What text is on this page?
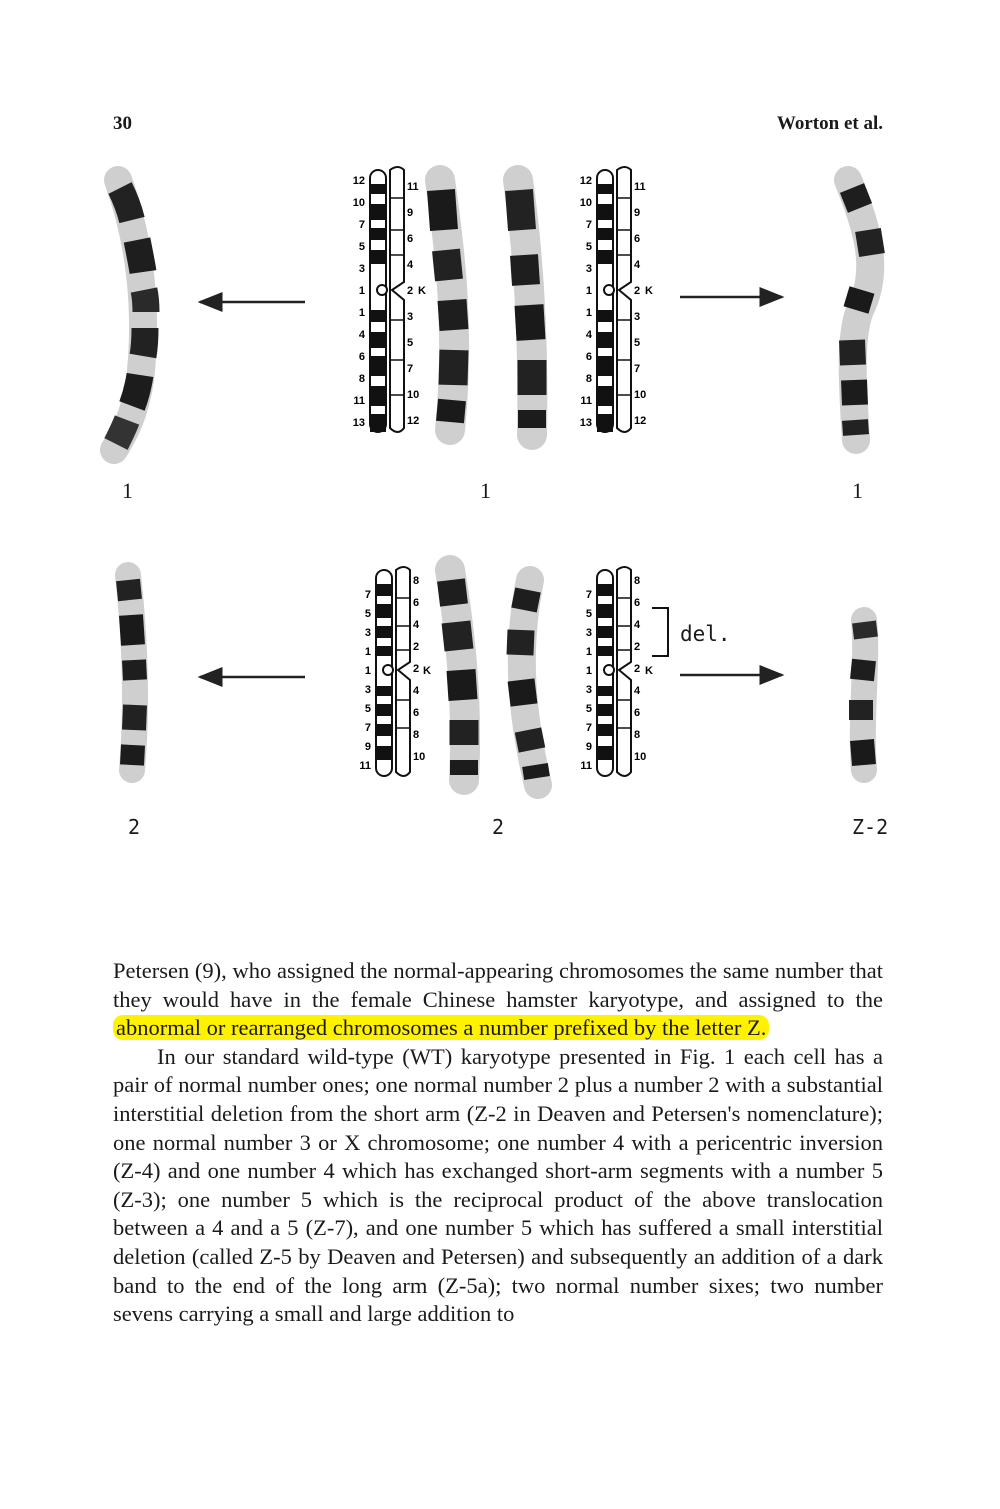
30	Worton et al.
12
10
7
5
3
1
1
4
6
8
11
13
11
9
6
4
2
3
5
7
10
12
12
10
7
5
3
1
1
4
6
8
11
13
11
9
6
4
2
3
5
7
10
12
7
5
3
1
1
3
5
7
9
11
8
6
4
2
2
4
6
8
10
7
5
3
1
1
3
5
7
9
11
8
6
4
2
2
4
6
8
10
K	K
K	K
1	1	1
2	2	Z-2
del.

Petersen (9), who assigned the normal-appearing chromosomes the same number that they would have in the female Chinese hamster karyotype, and assigned to the abnormal or rearranged chromosomes a number prefixed by the letter Z.

In our standard wild-type (WT) karyotype presented in Fig. 1 each cell has a pair of normal number ones; one normal number 2 plus a number 2 with a substantial interstitial deletion from the short arm (Z-2 in Deaven and Petersen's nomenclature); one normal number 3 or X chromosome; one number 4 with a pericentric inversion (Z-4) and one number 4 which has exchanged short-arm segments with a number 5 (Z-3); one number 5 which is the reciprocal product of the above translocation between a 4 and a 5 (Z-7), and one number 5 which has suffered a small interstitial deletion (called Z-5 by Deaven and Petersen) and subsequently an addition of a dark band to the end of the long arm (Z-5a); two normal number sixes; two number sevens carrying a small and large addition to
